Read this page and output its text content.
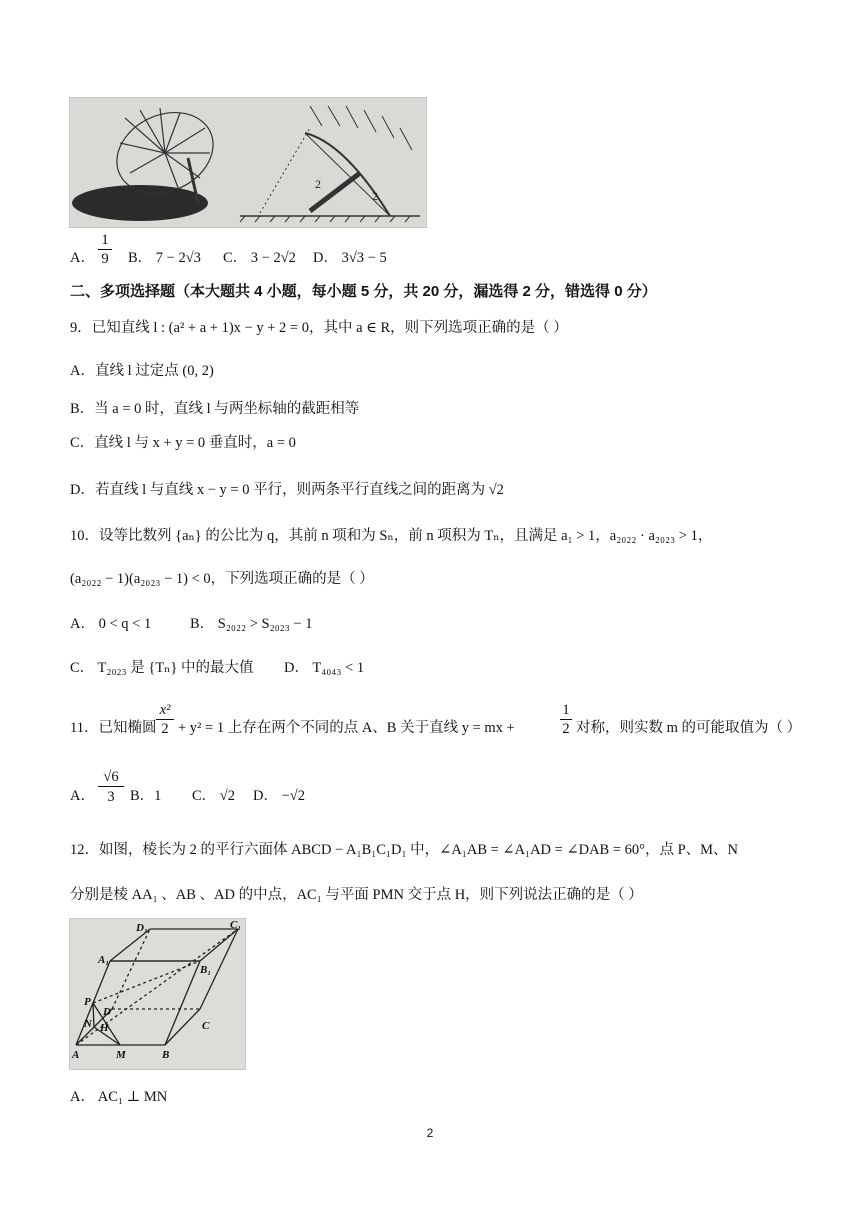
2
2
A． $\frac{1}{9}$ B． 7 − 2√3 C． 3 − 2√2 D． 3√3 − 5
二、多项选择题（本大题共 4 小题，每小题 5 分，共 20 分，漏选得 2 分，错选得 0 分）
9．已知直线 l : (a² + a + 1)x − y + 2 = 0，其中 a ∈ R，则下列选项正确的是（ ）
A．直线 l 过定点 (0, 2)
B．当 a = 0 时，直线 l 与两坐标轴的截距相等
C．直线 l 与 x + y = 0 垂直时，a = 0
D．若直线 l 与直线 x − y = 0 平行，则两条平行直线之间的距离为 √2
10．设等比数列 {aₙ} 的公比为 q，其前 n 项和为 Sₙ，前 n 项积为 Tₙ，且满足 a₁ > 1，a₂₀₂₂ · a₂₀₂₃ > 1，
(a₂₀₂₂ − 1)(a₂₀₂₃ − 1) < 0，下列选项正确的是（ ）
A． 0 < q < 1	B． S₂₀₂₂ > S₂₀₂₃ − 1
C． T₂₀₂₃ 是 {Tₙ} 中的最大值 D． T₄₀₄₃ < 1
11．已知椭圆 $\frac{\text{x²}}{2} + y^2 = 1$ 上存在两个不同的点 A、B 关于直线 y = mx +	$\frac{1}{2}$ 对称，则实数 m 的可能取值为（ ）
A． $\frac{√6}{3}$ B．1 C． √2 D． −√2
12．如图，棱长为 2 的平行六面体 ABCD − A₁B₁C₁D₁ 中，∠A₁AB = ∠A₁AD = ∠DAB = 60°，点 P、M、N
分别是棱 AA₁ 、AB 、AD 的中点，AC₁ 与平面 PMN 交于点 H，则下列说法正确的是（ ）
D₁	C₁
A₁
B₁
P
D
C
N H
A	M	B
A． AC₁ ⊥ MN
2
